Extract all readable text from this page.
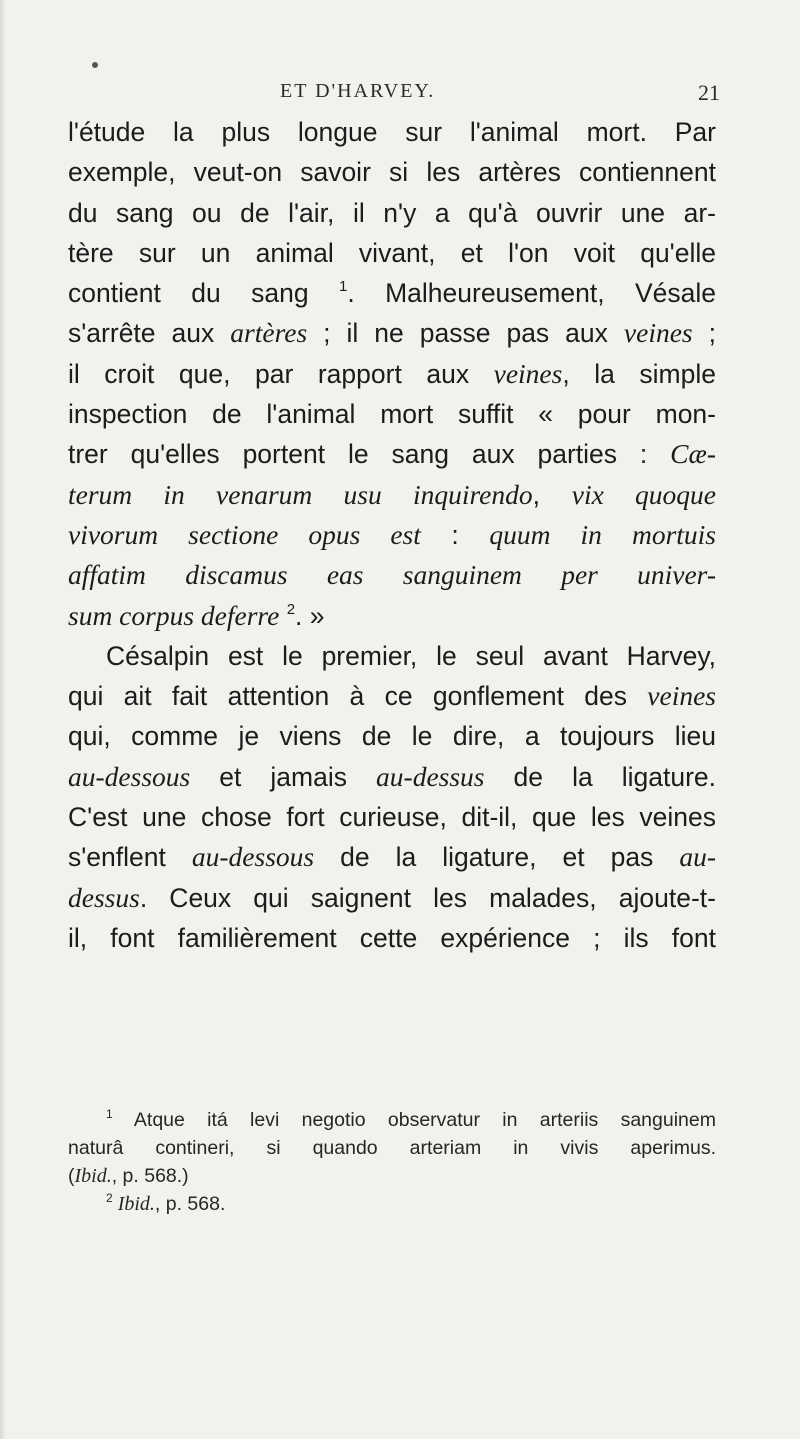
ET D'HARVEY.	21
l'étude la plus longue sur l'animal mort. Par
exemple, veut-on savoir si les artères contiennent
du sang ou de l'air, il n'y a qu'à ouvrir une ar-
tère sur un animal vivant, et l'on voit qu'elle
contient du sang $^1$. Malheureusement, Vésale
s'arrête aux artères ; il ne passe pas aux veines ;
il croit que, par rapport aux veines, la simple
inspection de l'animal mort suffit « pour mon-
trer qu'elles portent le sang aux parties : Cæ-
terum in venarum usu inquirendo, vix quoque
vivorum sectione opus est : quum in mortuis
affatim discamus eas sanguinem per univer-
sum corpus deferre $^2$. »
Césalpin est le premier, le seul avant Harvey,
qui ait fait attention à ce gonflement des veines
qui, comme je viens de le dire, a toujours lieu
au-dessous et jamais au-dessus de la ligature.
C'est une chose fort curieuse, dit-il, que les veines
s'enflent au-dessous de la ligature, et pas au-
dessus. Ceux qui saignent les malades, ajoute-t-
il, font familièrement cette expérience ; ils font
$^1$ Atque itá levi negotio observatur in arteriis sanguinem
naturâ contineri, si quando arteriam in vivis aperimus.
(Ibid., p. 568.)
$^2$ Ibid., p. 568.
